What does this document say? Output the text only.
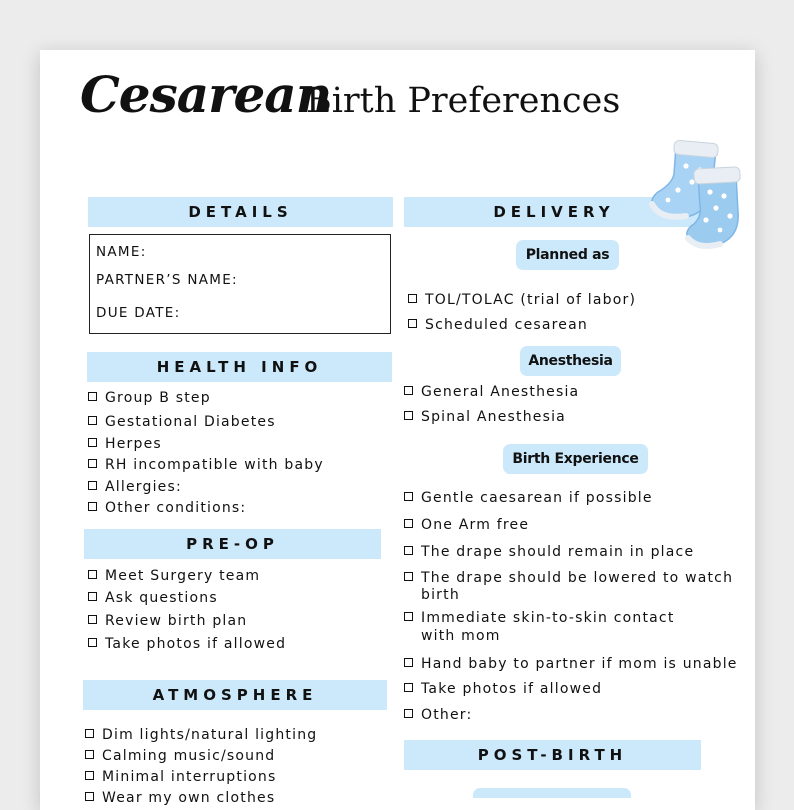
Cesarean
Birth Preferences
DETAILS
NAME:
PARTNER’S NAME:
DUE DATE:
HEALTH INFO
Group B step
Gestational Diabetes
Herpes
RH incompatible with baby
Allergies:
Other conditions:
PRE-OP
Meet Surgery team
Ask questions
Review birth plan
Take photos if allowed
ATMOSPHERE
Dim lights/natural lighting
Calming music/sound
Minimal interruptions
Wear my own clothes
DELIVERY
Planned as
TOL/TOLAC (trial of labor)
Scheduled cesarean
Anesthesia
General Anesthesia
Spinal Anesthesia
Birth Experience
Gentle caesarean if possible
One Arm free
The drape should remain in place
The drape should be lowered to watch
birth
Immediate skin-to-skin contact
with mom
Hand baby to partner if mom is unable
Take photos if allowed
Other:
POST-BIRTH
